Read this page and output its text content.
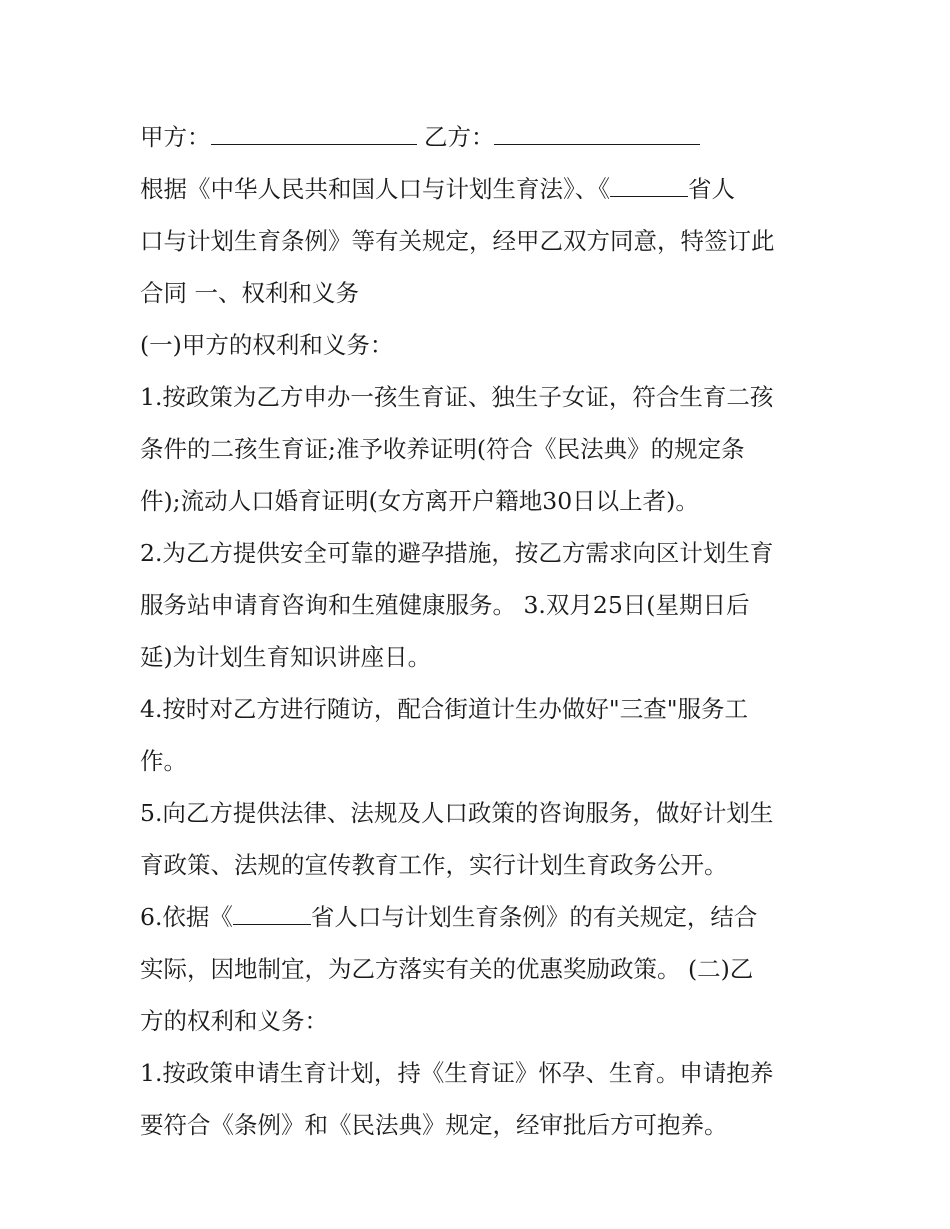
甲方：	乙方：
根据《中华人民共和国人口与计划生育法》、《	省人
口与计划生育条例》等有关规定，经甲乙双方同意，特签订此
合同 一、权利和义务
(一)甲方的权利和义务：
1.按政策为乙方申办一孩生育证、独生子女证，符合生育二孩
条件的二孩生育证;准予收养证明(符合《民法典》的规定条
件);流动人口婚育证明(女方离开户籍地30日以上者)。
2.为乙方提供安全可靠的避孕措施，按乙方需求向区计划生育
服务站申请育咨询和生殖健康服务。 3.双月25日(星期日后
延)为计划生育知识讲座日。
4.按时对乙方进行随访，配合街道计生办做好"三查"服务工
作。
5.向乙方提供法律、法规及人口政策的咨询服务，做好计划生
育政策、法规的宣传教育工作，实行计划生育政务公开。
6.依据《	省人口与计划生育条例》的有关规定，结合
实际，因地制宜，为乙方落实有关的优惠奖励政策。 (二)乙
方的权利和义务：
1.按政策申请生育计划，持《生育证》怀孕、生育。申请抱养
要符合《条例》和《民法典》规定，经审批后方可抱养。
